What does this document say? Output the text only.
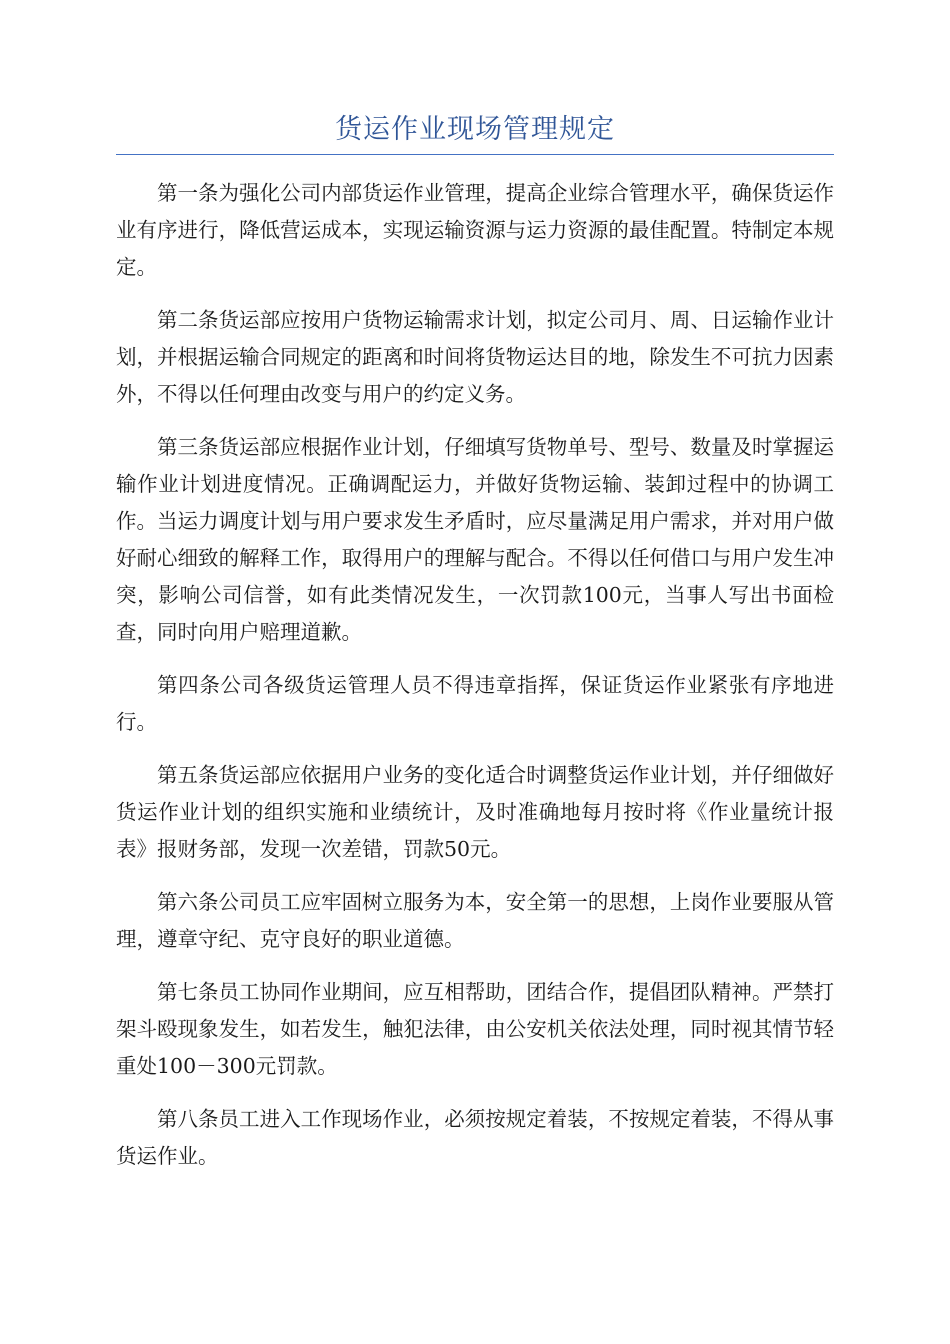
货运作业现场管理规定

第一条为强化公司内部货运作业管理，提高企业综合管理水平，确保货运作业有序进行，降低营运成本，实现运输资源与运力资源的最佳配置。特制定本规定。

第二条货运部应按用户货物运输需求计划，拟定公司月、周、日运输作业计划，并根据运输合同规定的距离和时间将货物运达目的地，除发生不可抗力因素外，不得以任何理由改变与用户的约定义务。

第三条货运部应根据作业计划，仔细填写货物单号、型号、数量及时掌握运输作业计划进度情况。正确调配运力，并做好货物运输、装卸过程中的协调工作。当运力调度计划与用户要求发生矛盾时，应尽量满足用户需求，并对用户做好耐心细致的解释工作，取得用户的理解与配合。不得以任何借口与用户发生冲突，影响公司信誉，如有此类情况发生，一次罚款100元，当事人写出书面检查，同时向用户赔理道歉。

第四条公司各级货运管理人员不得违章指挥，保证货运作业紧张有序地进行。

第五条货运部应依据用户业务的变化适合时调整货运作业计划，并仔细做好货运作业计划的组织实施和业绩统计，及时准确地每月按时将《作业量统计报表》报财务部，发现一次差错，罚款50元。

第六条公司员工应牢固树立服务为本，安全第一的思想，上岗作业要服从管理，遵章守纪、克守良好的职业道德。

第七条员工协同作业期间，应互相帮助，团结合作，提倡团队精神。严禁打架斗殴现象发生，如若发生，触犯法律，由公安机关依法处理，同时视其情节轻重处100－300元罚款。

第八条员工进入工作现场作业，必须按规定着装，不按规定着装，不得从事货运作业。
